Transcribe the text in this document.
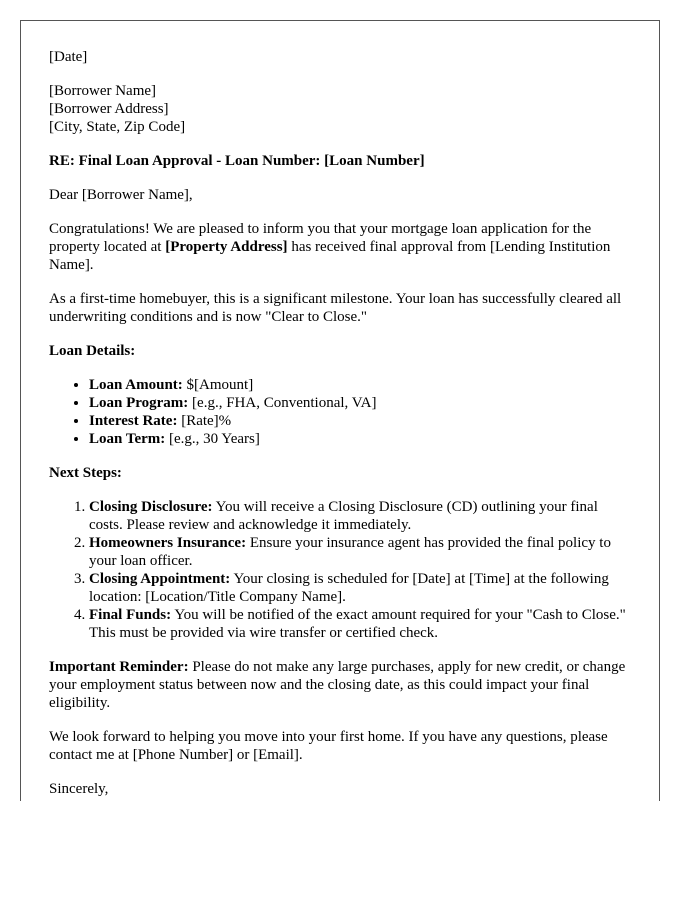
[Date]

[Borrower Name]
[Borrower Address]
[City, State, Zip Code]

RE: Final Loan Approval - Loan Number: [Loan Number]

Dear [Borrower Name],

Congratulations! We are pleased to inform you that your mortgage loan application for the property located at [Property Address] has received final approval from [Lending Institution Name].

As a first-time homebuyer, this is a significant milestone. Your loan has successfully cleared all underwriting conditions and is now "Clear to Close."

Loan Details:

• Loan Amount: $[Amount]
• Loan Program: [e.g., FHA, Conventional, VA]
• Interest Rate: [Rate]%
• Loan Term: [e.g., 30 Years]

Next Steps:

1. Closing Disclosure: You will receive a Closing Disclosure (CD) outlining your final costs. Please review and acknowledge it immediately.
2. Homeowners Insurance: Ensure your insurance agent has provided the final policy to your loan officer.
3. Closing Appointment: Your closing is scheduled for [Date] at [Time] at the following location: [Location/Title Company Name].
4. Final Funds: You will be notified of the exact amount required for your "Cash to Close." This must be provided via wire transfer or certified check.

Important Reminder: Please do not make any large purchases, apply for new credit, or change your employment status between now and the closing date, as this could impact your final eligibility.

We look forward to helping you move into your first home. If you have any questions, please contact me at [Phone Number] or [Email].

Sincerely,
